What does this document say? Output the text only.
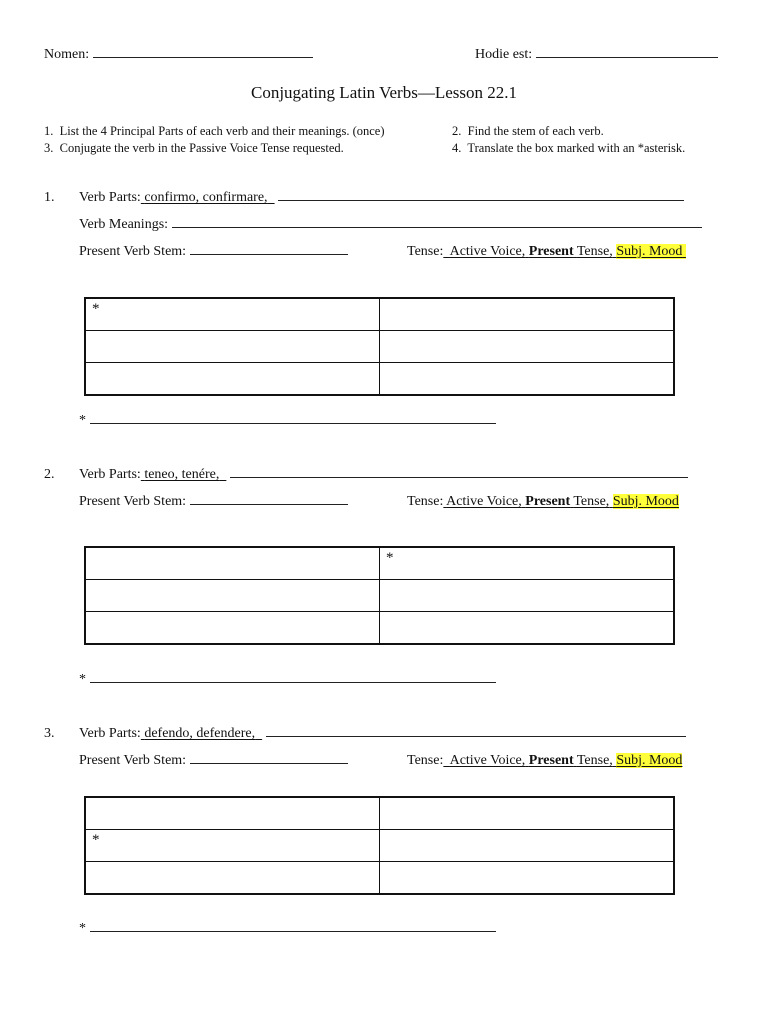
Nomen:	Hodie est:
Conjugating Latin Verbs—Lesson 22.1
1. List the 4 Principal Parts of each verb and their meanings. (once)	2. Find the stem of each verb.
3. Conjugate the verb in the Passive Voice Tense requested.	4. Translate the box marked with an *asterisk.
1. Verb Parts: confirmo, confirmare,
Verb Meanings:
Present Verb Stem:	Tense: Active Voice, Present Tense, Subj. Mood
*	

*
2. Verb Parts: teneo, tenére,
Present Verb Stem:	Tense: Active Voice, Present Tense, Subj. Mood

	*

*
3. Verb Parts: defendo, defendere,
Present Verb Stem:	Tense: Active Voice, Present Tense, Subj. Mood

*	

*
